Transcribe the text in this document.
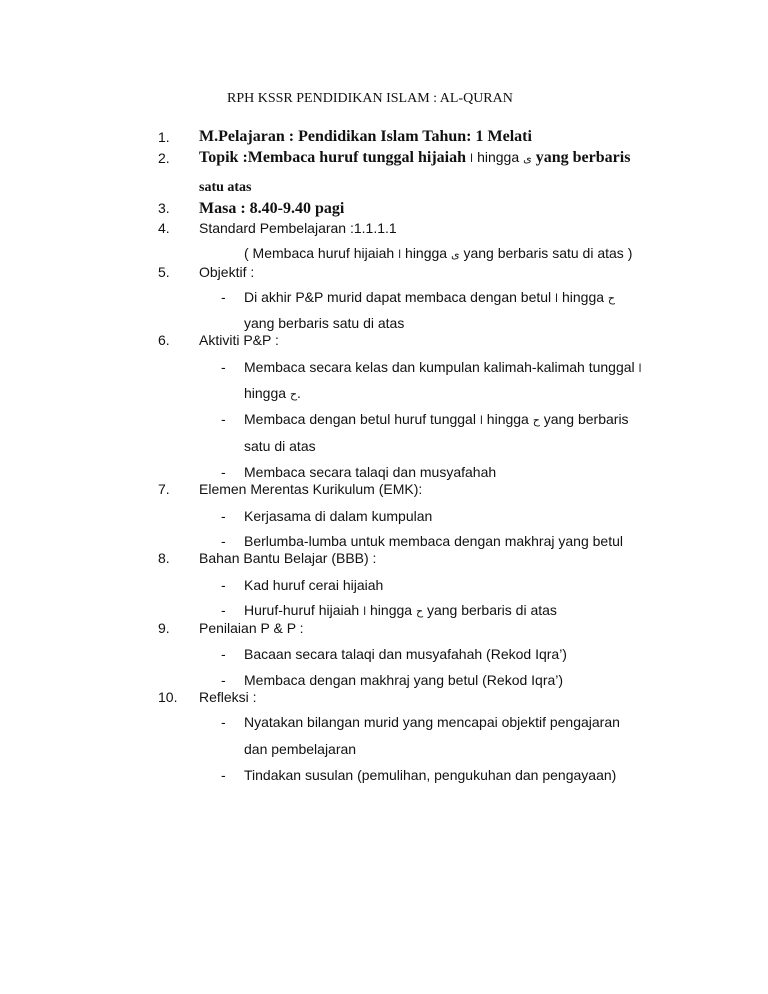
RPH KSSR PENDIDIKAN ISLAM : AL-QURAN
1. M.Pelajaran : Pendidikan Islam Tahun: 1 Melati
2. Topik :Membaca huruf tunggal hijaiah ا hingga ى yang berbaris
satu atas
3. Masa : 8.40-9.40 pagi
4. Standard Pembelajaran :1.1.1.1
( Membaca huruf hijaiah ا hingga ى yang berbaris satu di atas )
5. Objektif :
- Di akhir P&P murid dapat membaca dengan betul ا hingga ح
yang berbaris satu di atas
6. Aktiviti P&P :
- Membaca secara kelas dan kumpulan kalimah-kalimah tunggal ا
hingga ح.
- Membaca dengan betul huruf tunggal ا hingga ح yang berbaris
satu di atas
- Membaca secara talaqi dan musyafahah
7. Elemen Merentas Kurikulum (EMK):
- Kerjasama di dalam kumpulan
- Berlumba-lumba untuk membaca dengan makhraj yang betul
8. Bahan Bantu Belajar (BBB) :
- Kad huruf cerai hijaiah
- Huruf-huruf hijaiah ا hingga ح yang berbaris di atas
9. Penilaian P & P :
- Bacaan secara talaqi dan musyafahah (Rekod Iqra’)
- Membaca dengan makhraj yang betul (Rekod Iqra’)
10. Refleksi :
- Nyatakan bilangan murid yang mencapai objektif pengajaran
dan pembelajaran
- Tindakan susulan (pemulihan, pengukuhan dan pengayaan)
